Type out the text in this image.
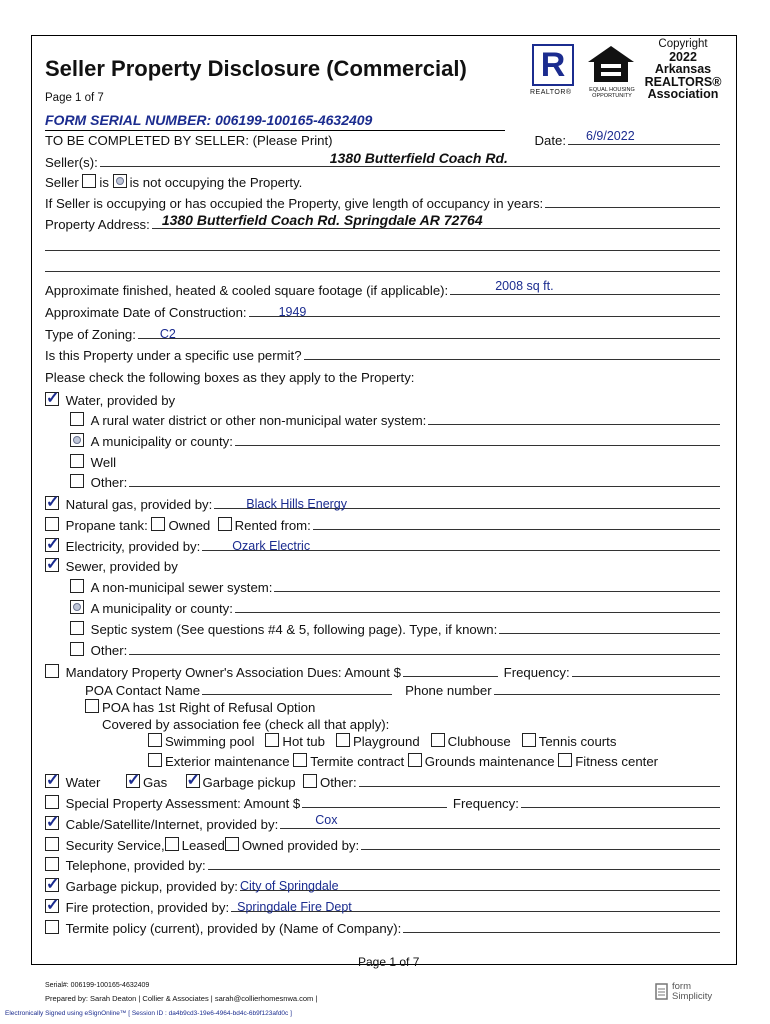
Seller Property Disclosure (Commercial)
Page 1 of 7
R
REALTOR®	EQUAL HOUSING OPPORTUNITY
Copyright
2022
Arkansas
REALTORS®
Association
FORM SERIAL NUMBER: 006199-100165-4632409
TO BE COMPLETED BY SELLER: (Please Print)	Date: 6/9/2022
Seller(s):	1380 Butterfield Coach Rd.
Seller
is
is not occupying the Property.
If Seller is occupying or has occupied the Property, give length of occupancy in years:
Property Address: 1380 Butterfield Coach Rd. Springdale AR 72764
Approximate finished, heated & cooled square footage (if applicable):	2008 sq ft.
Approximate Date of Construction:	1949
Type of Zoning: C2
Is this Property under a specific use permit?
Please check the following boxes as they apply to the Property:
✓

Water, provided by

A rural water district or other non-municipal water system:

A municipality or county:

Well

Other:
✓

Natural gas, provided by:	Black Hills Energy

Propane tank:
Owned
Rented from:
✓

Electricity, provided by:	Ozark Electric
✓

Sewer, provided by

A non-municipal sewer system:

A municipality or county:

Septic system (See questions #4 & 5, following page). Type, if known:

Other:

Mandatory Property Owner's Association Dues: Amount $
	Frequency:
POA Contact Name
	Phone number
POA has 1st Right of Refusal Option
Covered by association fee (check all that apply):
Swimming pool
Hot tub
Playground
Clubhouse
Tennis courts
Exterior maintenance
Termite contract
Grounds maintenance
Fitness center
✓

Water
✓	Gas
✓	Garbage pickup
Other:

Special Property Assessment: Amount $
	Frequency:
✓

Cable/Satellite/Internet, provided by:	Cox

Security Service, Leased Owned provided by:

Telephone, provided by:
✓

Garbage pickup, provided by: City of Springdale
✓

Fire protection, provided by: Springdale Fire Dept

Termite policy (current), provided by (Name of Company):
Page 1 of 7
Serial#: 006199-100165-4632409
Prepared by: Sarah Deaton | Collier & Associates | sarah@collierhomesnwa.com |
Electronically Signed using eSignOnline™ [ Session ID : da4b9cd3-19e6-4964-bd4c-6b9f123afd0c ]
form
Simplicity
